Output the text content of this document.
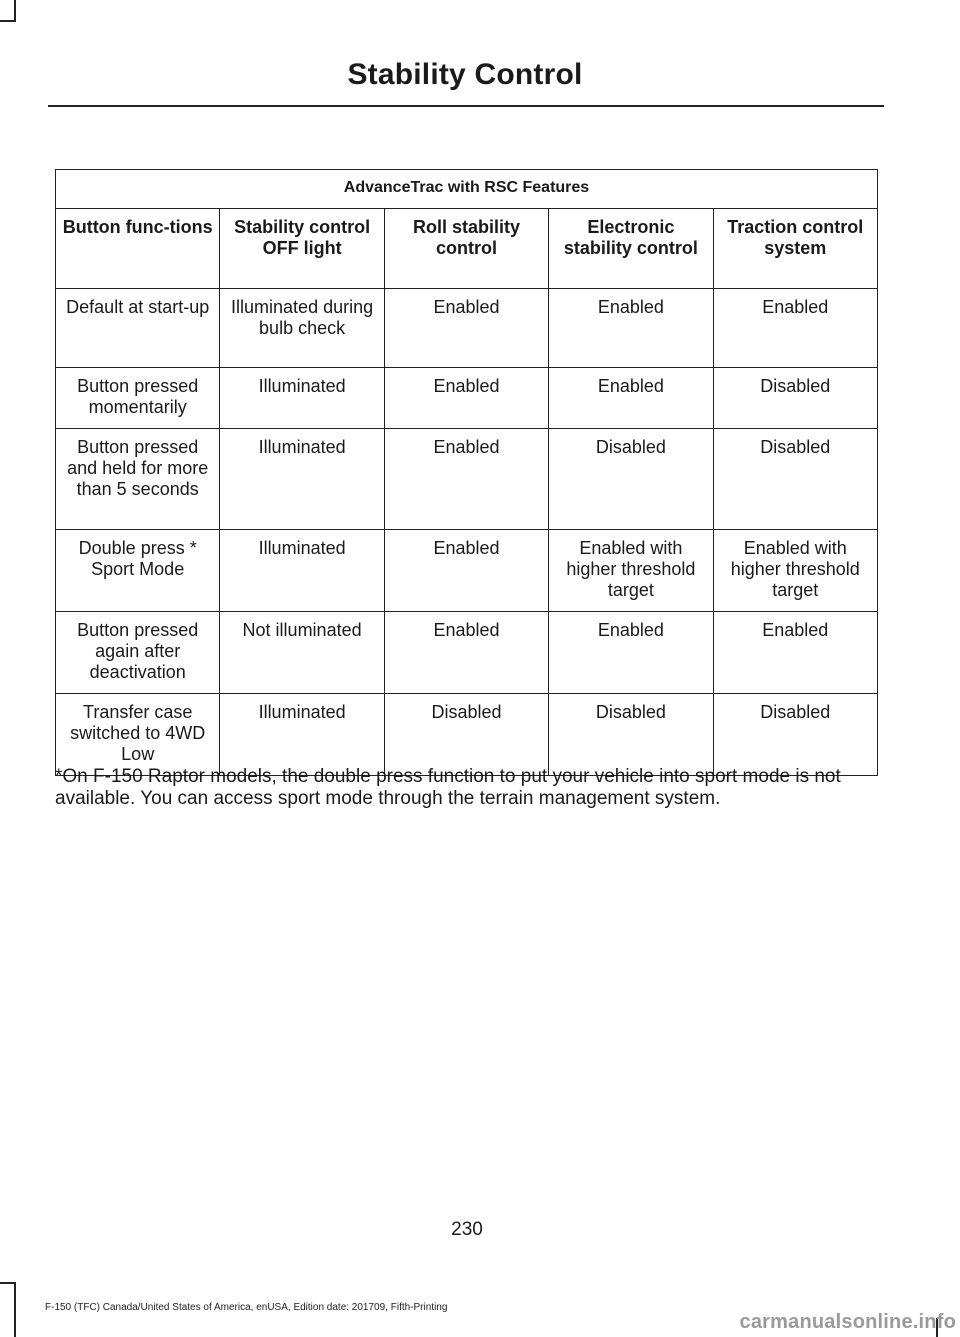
Stability Control
AdvanceTrac with RSC Features				
Button func-tions	Stability control OFF light	Roll stability control	Electronic stability control	Traction control system
Default at start-up	Illuminated during bulb check	Enabled	Enabled	Enabled
Button pressed momentarily	Illuminated	Enabled	Enabled	Disabled
Button pressed and held for more than 5 seconds	Illuminated	Enabled	Disabled	Disabled
Double press * Sport Mode	Illuminated	Enabled	Enabled with higher threshold target	Enabled with higher threshold target
Button pressed again after deactivation	Not illuminated	Enabled	Enabled	Enabled
Transfer case switched to 4WD Low	Illuminated	Disabled	Disabled	Disabled
*On F-150 Raptor models, the double press function to put your vehicle into sport mode is not available. You can access sport mode through the terrain management system.
230
F-150 (TFC) Canada/United States of America, enUSA, Edition date: 201709, Fifth-Printing
carmanualsonline.info
